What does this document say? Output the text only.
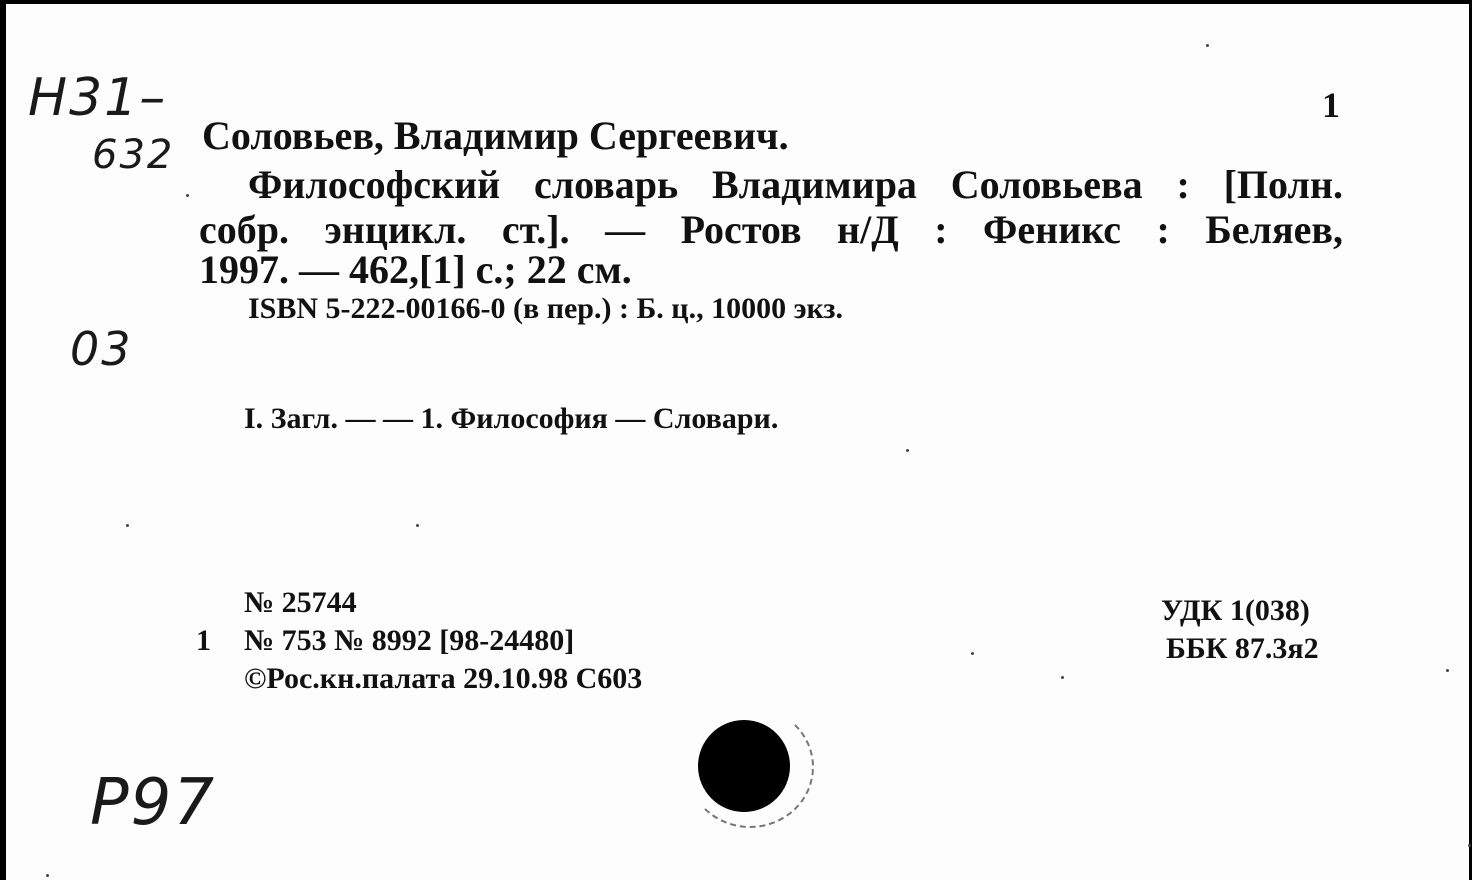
1
Соловьев, Владимир Сергеевич.
Философский словарь Владимира Соловьева : [Полн.
собр. энцикл. ст.]. — Ростов н/Д : Феникс : Беляев,
1997. — 462,[1] с.; 22 см.
ISBN 5-222-00166-0 (в пер.) : Б. ц., 10000 экз.
I. Загл. — — 1. Философия — Словари.
№ 25744
1 № 753 № 8992 [98-24480]
©Рос.кн.палата 29.10.98 С603
УДК 1(038)
ББК 87.3я2
Н31–
632
03
Р97
